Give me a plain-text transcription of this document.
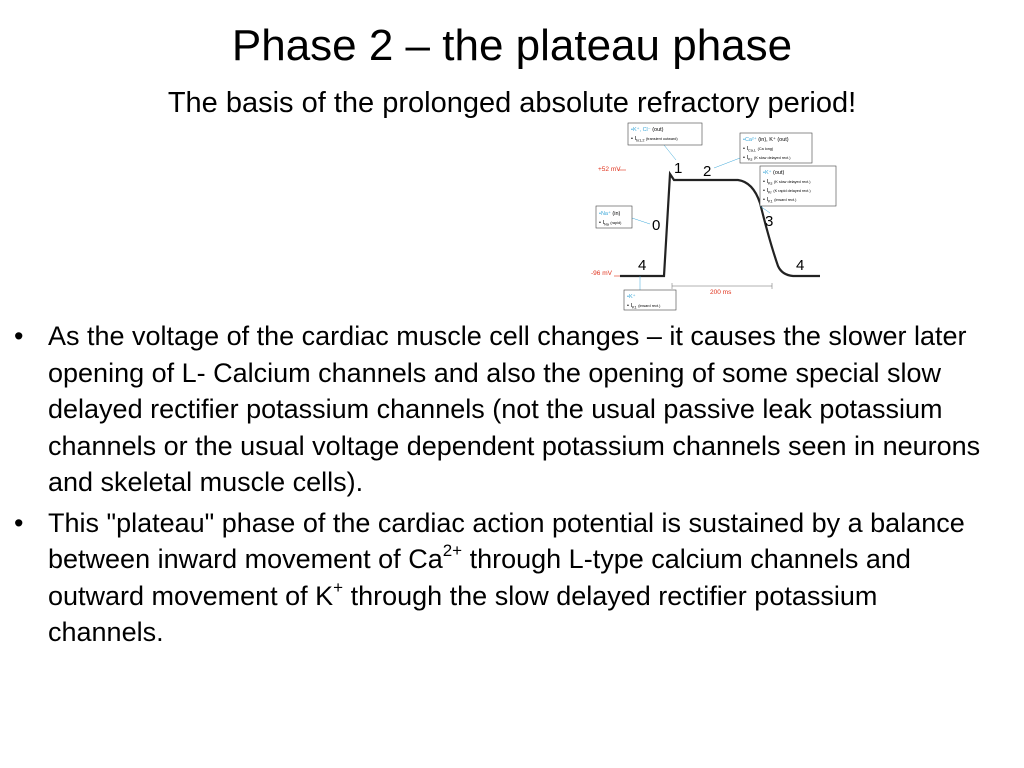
Phase 2 – the plateau phase
The basis of the prolonged absolute refractory period!
+52 mV
-96 mV
200 ms
0
1 2
3
4	4
•K⁺, Cl⁻ (out)
• $I_{to1,2}$ $^{(transient outward)}$	•Ca²⁺ (in), K⁺ (out)
• $I_{Ca,L}$ $^{(Ca long)}$
• $I_{Ks}$ $^{(K slow delayed rect.)}$
•K⁺ (out)
• $I_{Ks}$ $^{(K slow delayed rect.)}$
• $I_{Kr}$ $^{(K rapid delayed rect.)}$
• $I_{K1}$ $^{(inward rect.)}$
•Na⁺ (in)
• $I_{Na}$ $^{(rapid)}$
•K⁺
• $I_{K1}$ $^{(inward rect.)}$
• As the voltage of the cardiac muscle cell changes – it causes the slower later opening of L- Calcium channels and also the opening of some special slow delayed rectifier potassium channels (not the usual passive leak potassium channels or the usual voltage dependent potassium channels seen in neurons and skeletal muscle cells).
• This "plateau" phase of the cardiac action potential is sustained by a balance between inward movement of $Ca^{2+}$ through L-type calcium channels and outward movement of K+ through the slow delayed rectifier potassium channels.
